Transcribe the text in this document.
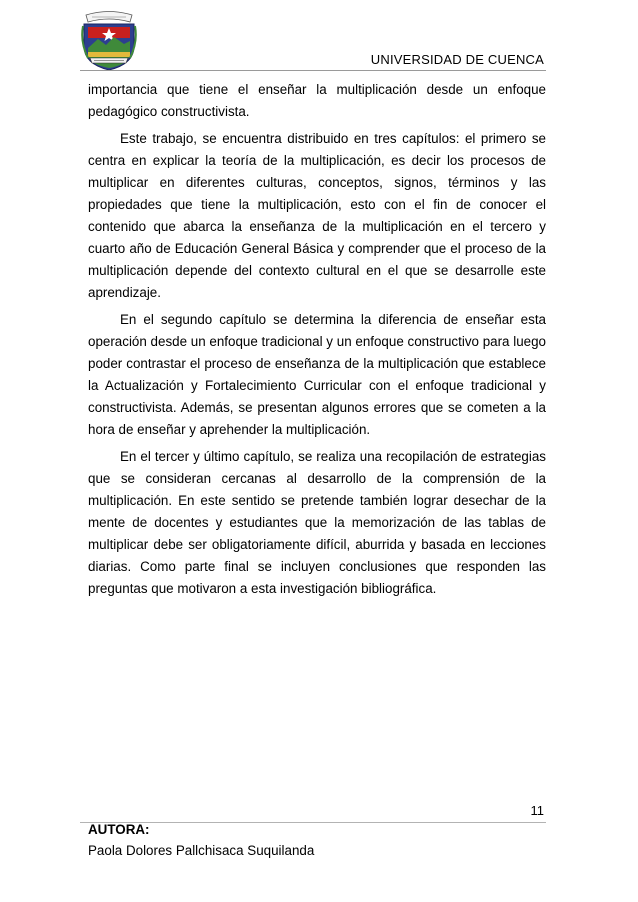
UNIVERSIDAD DE CUENCA

importancia que tiene el enseñar la multiplicación desde un enfoque pedagógico constructivista.

Este trabajo, se encuentra distribuido en tres capítulos: el primero se centra en explicar la teoría de la multiplicación, es decir los procesos de multiplicar en diferentes culturas, conceptos, signos, términos y las propiedades que tiene la multiplicación, esto con el fin de conocer el contenido que abarca la enseñanza de la multiplicación en el tercero y cuarto año de Educación General Básica y comprender que el proceso de la multiplicación depende del contexto cultural en el que se desarrolle este aprendizaje.

En el segundo capítulo se determina la diferencia de enseñar esta operación desde un enfoque tradicional y un enfoque constructivo para luego poder contrastar el proceso de enseñanza de la multiplicación que establece la Actualización y Fortalecimiento Curricular con el enfoque tradicional y constructivista. Además, se presentan algunos errores que se cometen a la hora de enseñar y aprehender la multiplicación.

En el tercer y último capítulo, se realiza una recopilación de estrategias que se consideran cercanas al desarrollo de la comprensión de la multiplicación. En este sentido se pretende también lograr desechar de la mente de docentes y estudiantes que la memorización de las tablas de multiplicar debe ser obligatoriamente difícil, aburrida y basada en lecciones diarias. Como parte final se incluyen conclusiones que responden las preguntas que motivaron a esta investigación bibliográfica.

11
AUTORA:
Paola Dolores Pallchisaca Suquilanda
